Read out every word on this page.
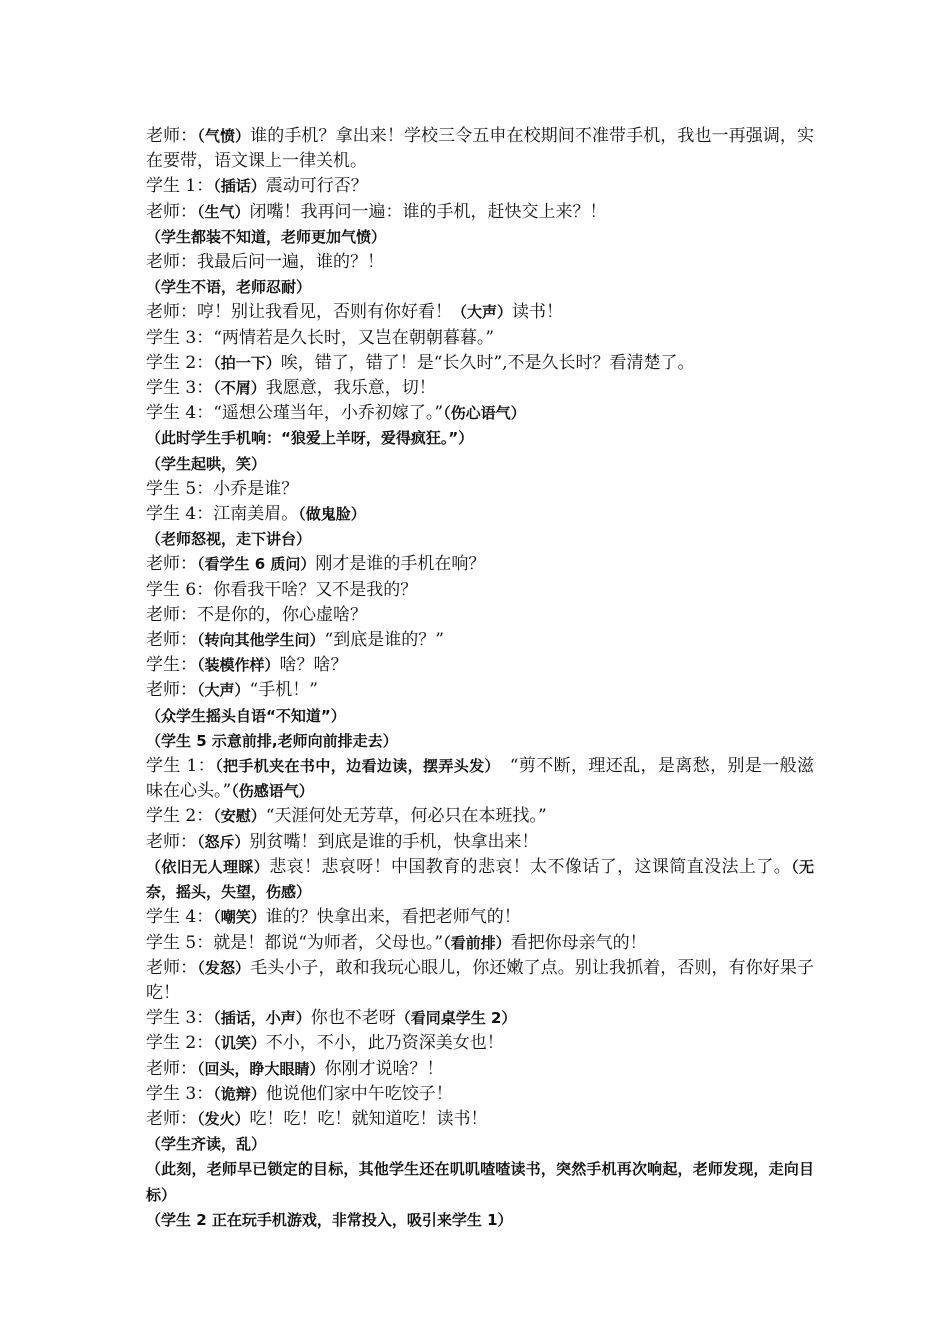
老师：（气愤）谁的手机？拿出来！学校三令五申在校期间不准带手机，我也一再强调，实在要带，语文课上一律关机。
学生 1：（插话）震动可行否？
老师：（生气）闭嘴！我再问一遍：谁的手机，赶快交上来？！
（学生都装不知道，老师更加气愤）
老师：我最后问一遍，谁的？！
（学生不语，老师忍耐）
老师：哼！别让我看见，否则有你好看！（大声）读书！
学生 3：“两情若是久长时，又岂在朝朝暮暮。”
学生 2：（拍一下）唉，错了，错了！是“长久时”,不是久长时？看清楚了。
学生 3：（不屑）我愿意，我乐意，切！
学生 4：“遥想公瑾当年，小乔初嫁了。”（伤心语气）
（此时学生手机响：“狼爱上羊呀，爱得疯狂。”）
（学生起哄，笑）
学生 5：小乔是谁？
学生 4：江南美眉。（做鬼脸）
（老师怒视，走下讲台）
老师：（看学生 6 质问）刚才是谁的手机在响？
学生 6：你看我干啥？又不是我的？
老师：不是你的，你心虚啥？
老师：（转向其他学生问）“到底是谁的？”
学生：（装模作样）啥？啥？
老师：（大声）“手机！”
（众学生摇头自语“不知道”）
（学生 5 示意前排,老师向前排走去）
学生 1：（把手机夹在书中，边看边读，摆弄头发）　“剪不断，理还乱，是离愁，别是一般滋味在心头。”（伤感语气）
学生 2：（安慰）“天涯何处无芳草，何必只在本班找。”
老师：（怒斥）别贫嘴！到底是谁的手机，快拿出来！
（依旧无人理睬）悲哀！悲哀呀！中国教育的悲哀！太不像话了，这课简直没法上了。（无奈，摇头，失望，伤感）
学生 4：（嘲笑）谁的？快拿出来，看把老师气的！
学生 5：就是！都说“为师者，父母也。”（看前排）看把你母亲气的！
老师：（发怒）毛头小子，敢和我玩心眼儿，你还嫩了点。别让我抓着，否则，有你好果子吃！
学生 3：（插话，小声）你也不老呀（看同桌学生 2）
学生 2：（讥笑）不小，不小，此乃资深美女也！
老师：（回头，睁大眼睛）你刚才说啥？！
学生 3：（诡辩）他说他们家中午吃饺子！
老师：（发火）吃！吃！吃！就知道吃！读书！
（学生齐读，乱）
（此刻，老师早已锁定的目标，其他学生还在叽叽喳喳读书，突然手机再次响起，老师发现，走向目标）
（学生 2 正在玩手机游戏，非常投入，吸引来学生 1）
